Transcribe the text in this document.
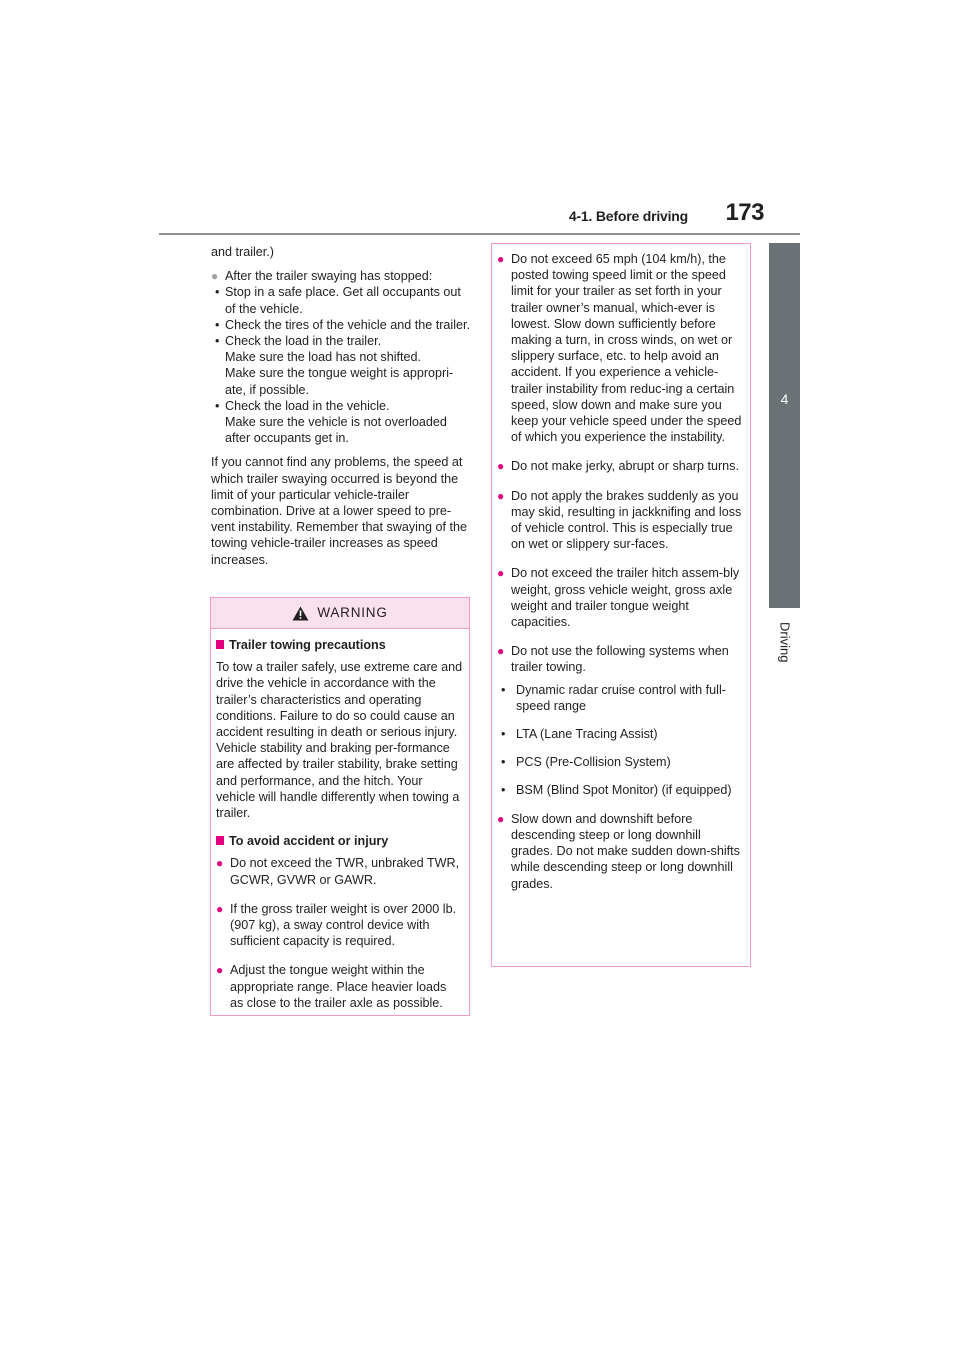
4-1. Before driving	173
4
Driving

and trailer.)

● After the trailer swaying has stopped:
• Stop in a safe place. Get all occupants out of the vehicle.
• Check the tires of the vehicle and the trailer.
• Check the load in the trailer.
Make sure the load has not shifted.
Make sure the tongue weight is appropri-ate, if possible.
• Check the load in the vehicle.
Make sure the vehicle is not overloaded after occupants get in.

If you cannot find any problems, the speed at which trailer swaying occurred is beyond the limit of your particular vehicle-trailer combination. Drive at a lower speed to pre-vent instability. Remember that swaying of the towing vehicle-trailer increases as speed increases.

WARNING
Trailer towing precautions

To tow a trailer safely, use extreme care and drive the vehicle in accordance with the trailer’s characteristics and operating conditions. Failure to do so could cause an accident resulting in death or serious injury. Vehicle stability and braking per-formance are affected by trailer stability, brake setting and performance, and the hitch. Your vehicle will handle differently when towing a trailer.

To avoid accident or injury
● Do not exceed the TWR, unbraked TWR, GCWR, GVWR or GAWR.
● If the gross trailer weight is over 2000 lb. (907 kg), a sway control device with sufficient capacity is required.
● Adjust the tongue weight within the appropriate range. Place heavier loads as close to the trailer axle as possible.
● Do not exceed 65 mph (104 km/h), the posted towing speed limit or the speed limit for your trailer as set forth in your trailer owner’s manual, which-ever is lowest. Slow down sufficiently before making a turn, in cross winds, on wet or slippery surface, etc. to help avoid an accident. If you experience a vehicle-trailer instability from reduc-ing a certain speed, slow down and make sure you keep your vehicle speed under the speed of which you experience the instability.
● Do not make jerky, abrupt or sharp turns.
● Do not apply the brakes suddenly as you may skid, resulting in jackknifing and loss of vehicle control. This is especially true on wet or slippery sur-faces.
● Do not exceed the trailer hitch assem-bly weight, gross vehicle weight, gross axle weight and trailer tongue weight capacities.
● Do not use the following systems when trailer towing.
• Dynamic radar cruise control with full-speed range
• LTA (Lane Tracing Assist)
• PCS (Pre-Collision System)
• BSM (Blind Spot Monitor) (if equipped)
● Slow down and downshift before descending steep or long downhill grades. Do not make sudden down-shifts while descending steep or long downhill grades.
